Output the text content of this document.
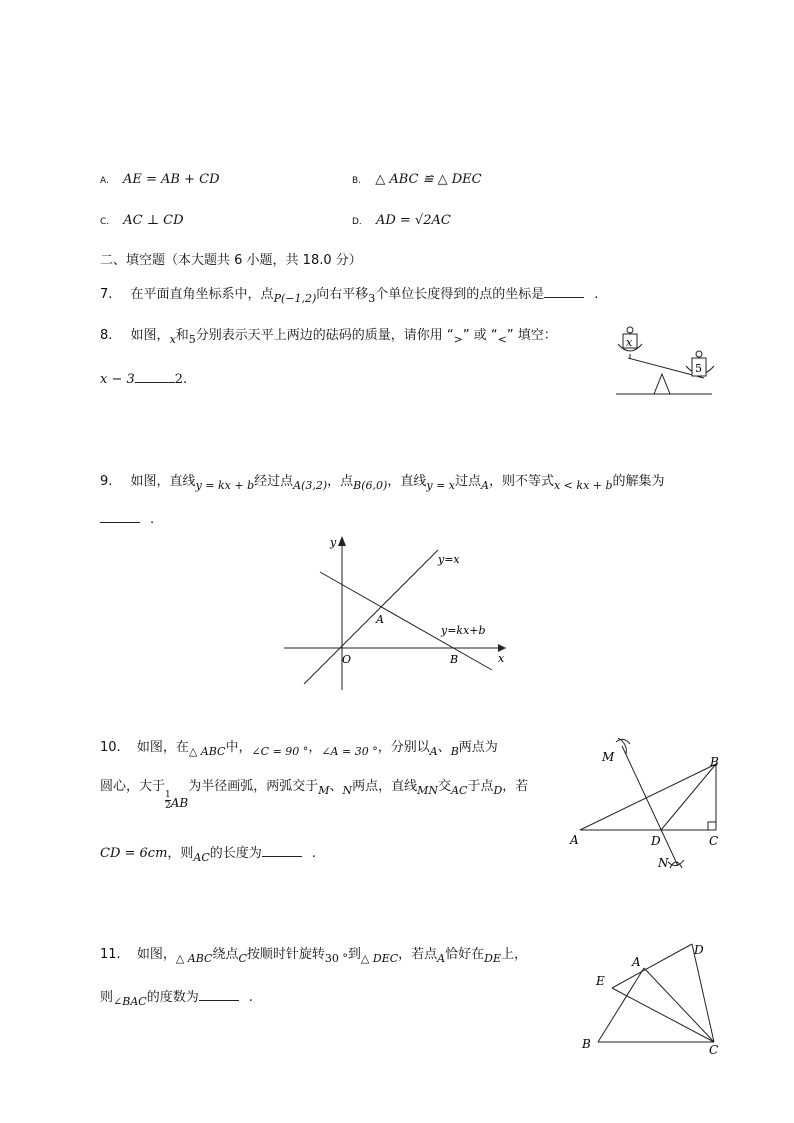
A. AE = AB + CD	B. △ ABC ≌ △ DEC
C. AC ⊥ CD	D. AD = √2AC
二、填空题（本大题共 6 小题，共 18.0 分）
7. 在平面直角坐标系中，点$_{P(-1,2)}$向右平移$_3$个单位长度得到的点的坐标是	.
8. 如图，$_x$和$_5$分别表示天平上两边的砝码的质量，请你用 “$_>$” 或 “$_<$” 填空：
x − 3	2.
x
5
9. 如图，直线$_{y = kx + b}$经过点$_{A(3,2)}$，点$_{B(6,0)}$，直线$_{y = x}$过点$_A$，则不等式$_{x < kx + b}$的解集为
.
y
x
O
A
B
y=x
y=kx+b
10. 如图，在$_{\triangle ABC}$中，$_{\angle C = 90 ^\circ}$，$_{\angle A = 30 ^\circ}$，分别以$_A$、$_B$两点为
圆心，大于
$\frac{1}{2}$ AB为半径画弧，两弧交于$_M$、$_N$两点，直线$_{MN}$交$_{AC}$于点$_D$，若
CD = 6cm，则$_{AC}$的长度为	.
M
N
A
B
C
D
11. 如图，$_{\triangle ABC}$绕点$_C$按顺时针旋转$_{30 ^\circ}$到$_{\triangle DEC}$，若点$_A$恰好在$_{DE}$上，
则$_{\angle BAC}$的度数为	.
A
B	C
D
E
